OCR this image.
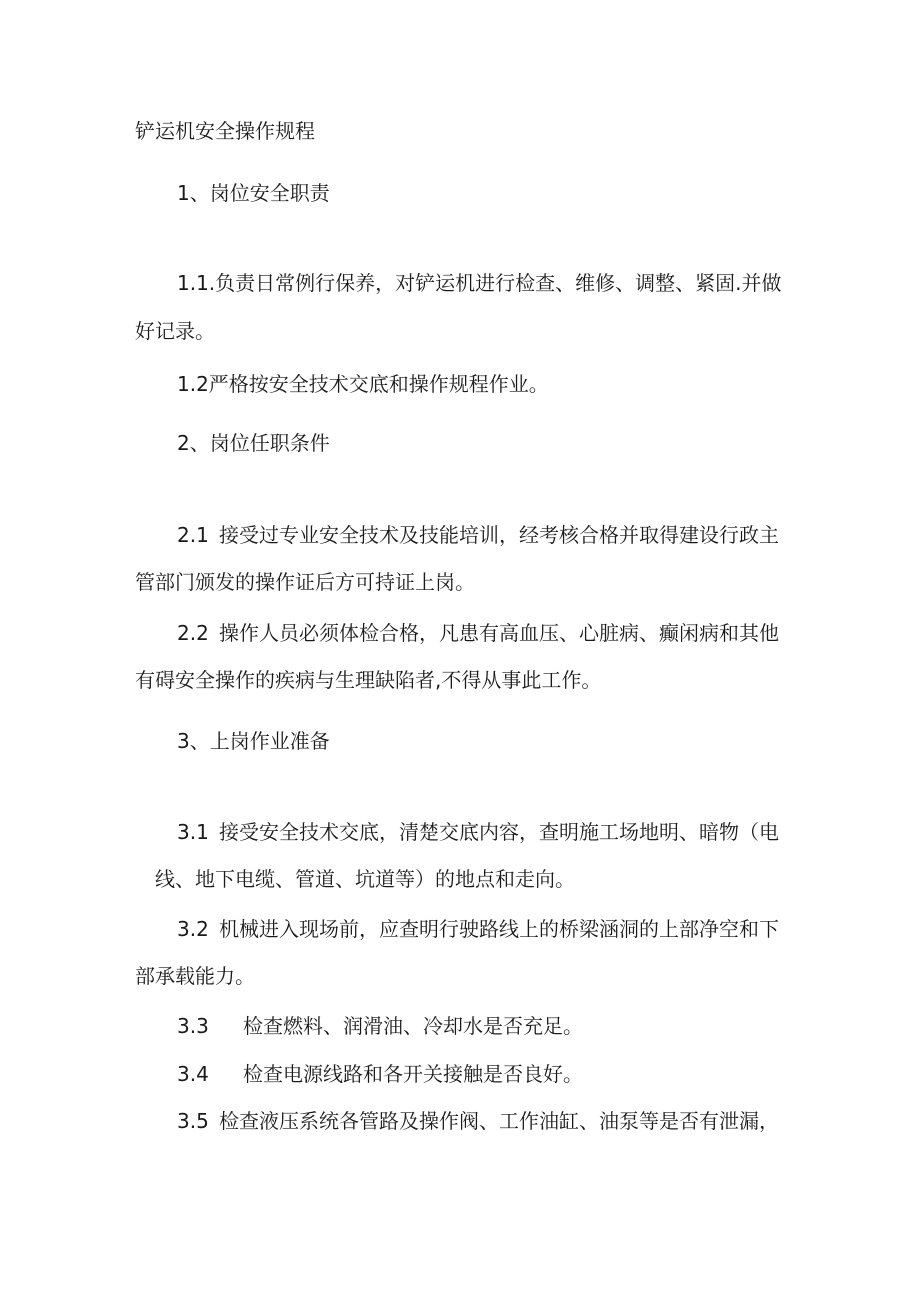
铲运机安全操作规程
1、岗位安全职责
1.1.负责日常例行保养，对铲运机进行检查、维修、调整、紧固.并做
好记录。
1.2严格按安全技术交底和操作规程作业。
2、岗位任职条件
2.1 接受过专业安全技术及技能培训，经考核合格并取得建设行政主
管部门颁发的操作证后方可持证上岗。
2.2 操作人员必须体检合格，凡患有高血压、心脏病、癫闲病和其他
有碍安全操作的疾病与生理缺陷者,不得从事此工作。
3、上岗作业准备
3.1 接受安全技术交底，清楚交底内容，查明施工场地明、暗物（电
线、地下电缆、管道、坑道等）的地点和走向。
3.2 机械进入现场前，应查明行驶路线上的桥梁涵洞的上部净空和下
部承载能力。
3.3 检查燃料、润滑油、冷却水是否充足。
3.4 检查电源线路和各开关接触是否良好。
3.5 检查液压系统各管路及操作阀、工作油缸、油泵等是否有泄漏，
